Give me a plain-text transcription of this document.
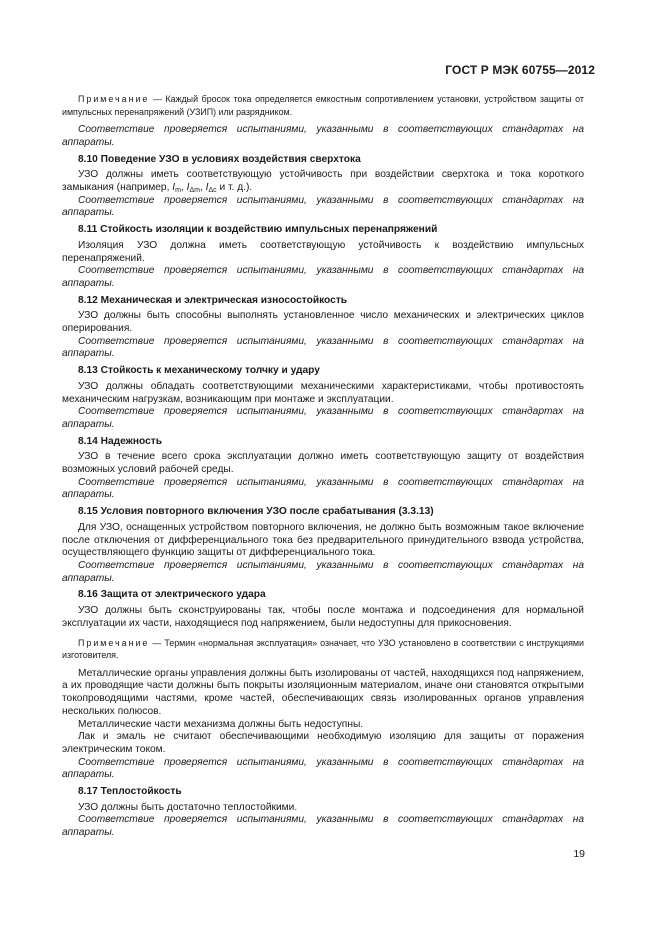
ГОСТ Р МЭК 60755—2012

Примечание — Каждый бросок тока определяется емкостным сопротивлением установки, устройством защиты от импульсных перенапряжений (УЗИП) или разрядником.

Соответствие проверяется испытаниями, указанными в соответствующих стандартах на аппараты.

8.10 Поведение УЗО в условиях воздействия сверхтока

УЗО должны иметь соответствующую устойчивость при воздействии сверхтока и тока короткого замыкания (например, $I_m$, $I_{\Delta m}$, $I_{\Delta c}$ и т. д.).

Соответствие проверяется испытаниями, указанными в соответствующих стандартах на аппараты.

8.11 Стойкость изоляции к воздействию импульсных перенапряжений

Изоляция УЗО должна иметь соответствующую устойчивость к воздействию импульсных перенапряжений.

Соответствие проверяется испытаниями, указанными в соответствующих стандартах на аппараты.

8.12 Механическая и электрическая износостойкость

УЗО должны быть способны выполнять установленное число механических и электрических циклов оперирования.

Соответствие проверяется испытаниями, указанными в соответствующих стандартах на аппараты.

8.13 Стойкость к механическому толчку и удару

УЗО должны обладать соответствующими механическими характеристиками, чтобы противостоять механическим нагрузкам, возникающим при монтаже и эксплуатации.

Соответствие проверяется испытаниями, указанными в соответствующих стандартах на аппараты.

8.14 Надежность

УЗО в течение всего срока эксплуатации должно иметь соответствующую защиту от воздействия возможных условий рабочей среды.

Соответствие проверяется испытаниями, указанными в соответствующих стандартах на аппараты.

8.15 Условия повторного включения УЗО после срабатывания (3.3.13)

Для УЗО, оснащенных устройством повторного включения, не должно быть возможным такое включение после отключения от дифференциального тока без предварительного принудительного взвода устройства, осуществляющего функцию защиты от дифференциального тока.

Соответствие проверяется испытаниями, указанными в соответствующих стандартах на аппараты.

8.16 Защита от электрического удара

УЗО должны быть сконструированы так, чтобы после монтажа и подсоединения для нормальной эксплуатации их части, находящиеся под напряжением, были недоступны для прикосновения.

Примечание — Термин «нормальная эксплуатация» означает, что УЗО установлено в соответствии с инструкциями изготовителя.

Металлические органы управления должны быть изолированы от частей, находящихся под напряжением, а их проводящие части должны быть покрыты изоляционным материалом, иначе они становятся открытыми токопроводящими частями, кроме частей, обеспечивающих связь изолированных органов управления нескольких полюсов.

Металлические части механизма должны быть недоступны.

Лак и эмаль не считают обеспечивающими необходимую изоляцию для защиты от поражения электрическим током.

Соответствие проверяется испытаниями, указанными в соответствующих стандартах на аппараты.

8.17 Теплостойкость

УЗО должны быть достаточно теплостойкими.

Соответствие проверяется испытаниями, указанными в соответствующих стандартах на аппараты.

19
